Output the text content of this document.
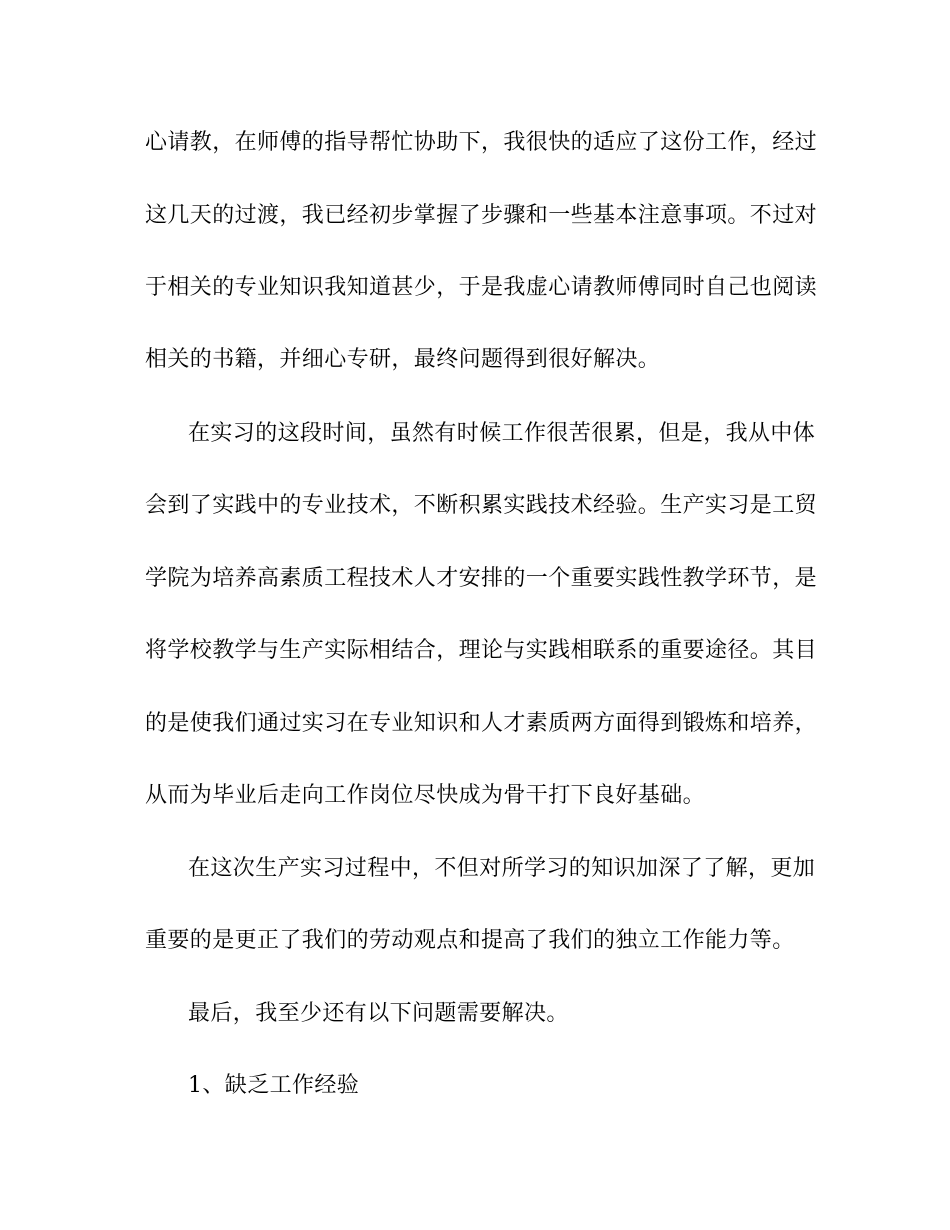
心请教，在师傅的指导帮忙协助下，我很快的适应了这份工作，经过
这几天的过渡，我已经初步掌握了步骤和一些基本注意事项。不过对
于相关的专业知识我知道甚少，于是我虚心请教师傅同时自己也阅读
相关的书籍，并细心专研，最终问题得到很好解决。
在实习的这段时间，虽然有时候工作很苦很累，但是，我从中体
会到了实践中的专业技术，不断积累实践技术经验。生产实习是工贸
学院为培养高素质工程技术人才安排的一个重要实践性教学环节，是
将学校教学与生产实际相结合，理论与实践相联系的重要途径。其目
的是使我们通过实习在专业知识和人才素质两方面得到锻炼和培养，
从而为毕业后走向工作岗位尽快成为骨干打下良好基础。
在这次生产实习过程中，不但对所学习的知识加深了了解，更加
重要的是更正了我们的劳动观点和提高了我们的独立工作能力等。
最后，我至少还有以下问题需要解决。
1、缺乏工作经验
